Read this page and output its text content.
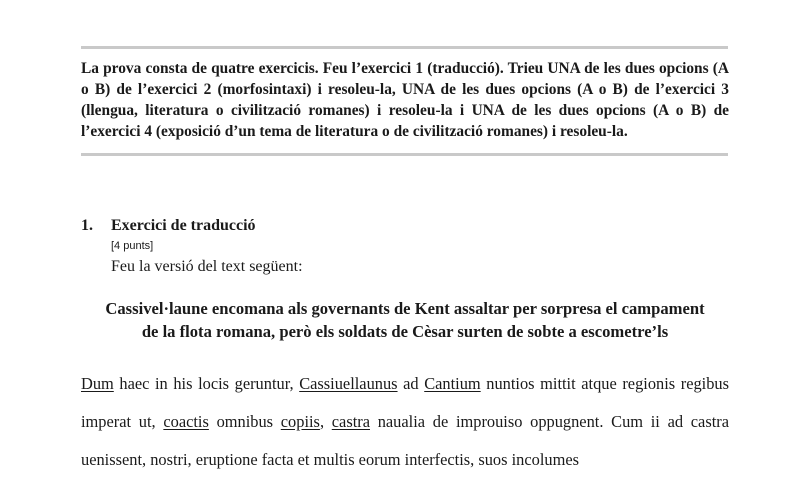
La prova consta de quatre exercicis. Feu l’exercici 1 (traducció). Trieu UNA de les dues opcions (A o B) de l’exercici 2 (morfosintaxi) i resoleu-la, UNA de les dues opcions (A o B) de l’exercici 3 (llengua, literatura o civilització romanes) i resoleu-la i UNA de les dues opcions (A o B) de l’exercici 4 (exposició d’un tema de literatura o de civilització romanes) i resoleu-la.

1. Exercici de traducció
[4 punts]
Feu la versió del text següent:
Cassivel·laune encomana als governants de Kent assaltar per sorpresa el campament
de la flota romana, però els soldats de Cèsar surten de sobte a escometre’ls

Dum haec in his locis geruntur, Cassiuellaunus ad Cantium nuntios mittit atque regionis regibus imperat ut, coactis omnibus copiis, castra naualia de improuiso oppugnent. Cum ii ad castra uenissent, nostri, eruptione facta et multis eorum interfectis, suos incolumes
